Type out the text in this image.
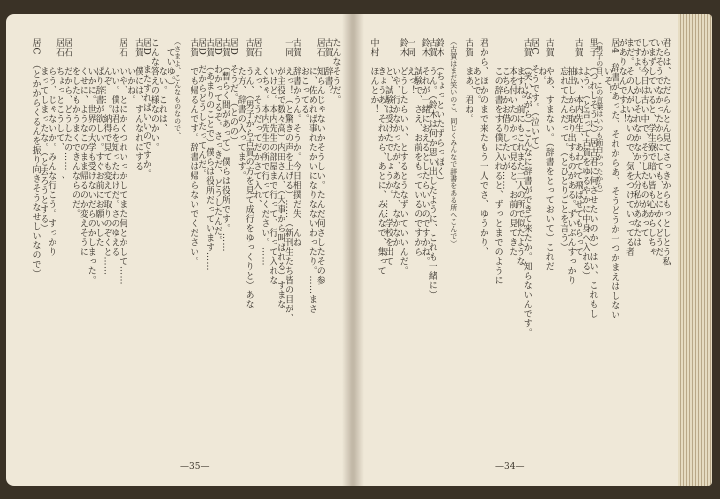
たんなそうだ。
古賀　辞書？
居石　知らんじゃないかそうしい。たんだ何さしたその参
　　　に、佐めれば事れたかいになりなないわったり。……まさ
　　　おこってる。
古賀　辞書かうん。そうか。今日相撲だ失　んね
一同　えっ！（と驚きの声を上げる）……（新刊生たち皆の目が、
　　　が主役で数々高）内田さん、（大事から叫ばれる）すまな
　　　いけど。本内先生の部屋まで行って、行って入れな
　　　くちゃ。本内先生の所で行ってください。……
居石　えっ、そうだってだかさて入れ、
古賀　うん、（男子から古賀の方を見て成行をゆっくりと）あな
　　　た方、辞書の入ってます。
居D　そうだ。（とのの）
古賀　（暫らく間があって）僕らは役所です。……
居D　わかってるぞ。さっきだ、どうしたんだ。
古賀　（あまりのことで）僕らは役所だっています……
居D　だからどうしたってんだ。
古賀　でも帰るんです。辞書は帰らないでください。
（さまよ、こんなものなので、
　ていゆ。）
　　　ない。これは、
こんな答えの様なのかい。
居D　またすればいいのですか。
古賀　僕には、すんなれにする
　　　いかね。
居石　いや、とにかくつれいっかしてまた何とかして……
　　　いい。僕は君らを知ったわけだ。さのゆえる
　　　んぞ……。納得で見ても変えて取りのぞくと……
　　　ぱり辞書が欲しい。すぐお前にお願いした
　　　いかに。世界の大学も受けないだらのかしまった。
　　　くせに、ようなこのまま帰るのか変えそうに
　　　をしたもかうまくできんならのだ。
居石　だから、どうしたの……
居石　ちょっとこうして、　　　、
　　　らう、じゃないか。みんな行こう。すっかり
　　　まってしまったな。（と去ろうとする）
居C　（とかからくるんを振り向きそうなせしいなので）	君らは、ただらんとん見てさっきからもっとしとう私
いたそうでなかったからにしても、とにかくどうだ
てまずしていると、学生寮で暗い皆も心からしちゃ
しかも今日は古い中で、そうしたものがあって
ですよ。しかしそれなかなか、大分私があなたは
まだ。その人がいないので、気をつけていってる者
がありなんですよ！
居4　辞書があった、それからあ、そうどうか一つかまえはしない
　　　いぞ！
（男子の目、この言葉はいつも面白かったから）
里子　（つれしそうに）居古君に何させたいのか）はい、これもし
　　　よう。（と言って古賀をゆるやかに中身へ入れる）
古賀　はい、本内先生、あわてて飛ばせてもらって
　　　抽出しから取り出すものがある。ずいぶんすっかり
　　　忘れてたんだって。（とひとりごとを言う）
古賀　やあ、すまない。（辞書をとっておいて）これだ
　　　ね。
居C　そうです。（泣いて）
古賀　（笑いながら）こんなに辞書ができて来たか。知らないんです。
　　　ますね。前にもこれまた二人の所で似たような
　　　本を付いたのかって見ると、お前の見てきた
　　　こちらかお借りしたいが……
　　　この辞書をする僕に入れると、ずっとまでのように
君から、ほかのまで来たもう一人でさ、ゆうかり、
　　　あとで。
古賀　まあ、君ね。
（古賀はまだ笑いのこ、同じくみんなで辞書をある所へこんで）
鈴木　（ちょっといたずらっぽく）
古賀　うん。（鈴木は何か思い出したように、これも一緒に）
鈴木　それが一緒におえるとしたらいいのですかね。
　　　試験で、さえ、お前をもっているのですから
一同　えっ！
鈴木　どうしたらいい、とするとうなずいていいんだ。
　　　いや、行かなかったが、あなた、なかなか
　　　と、試験は受けたでしょうか。……学校を出て
　　　きょうあ、それから、あとに、みんなで、集って
中村　ほんとか！
—35—	—34—
